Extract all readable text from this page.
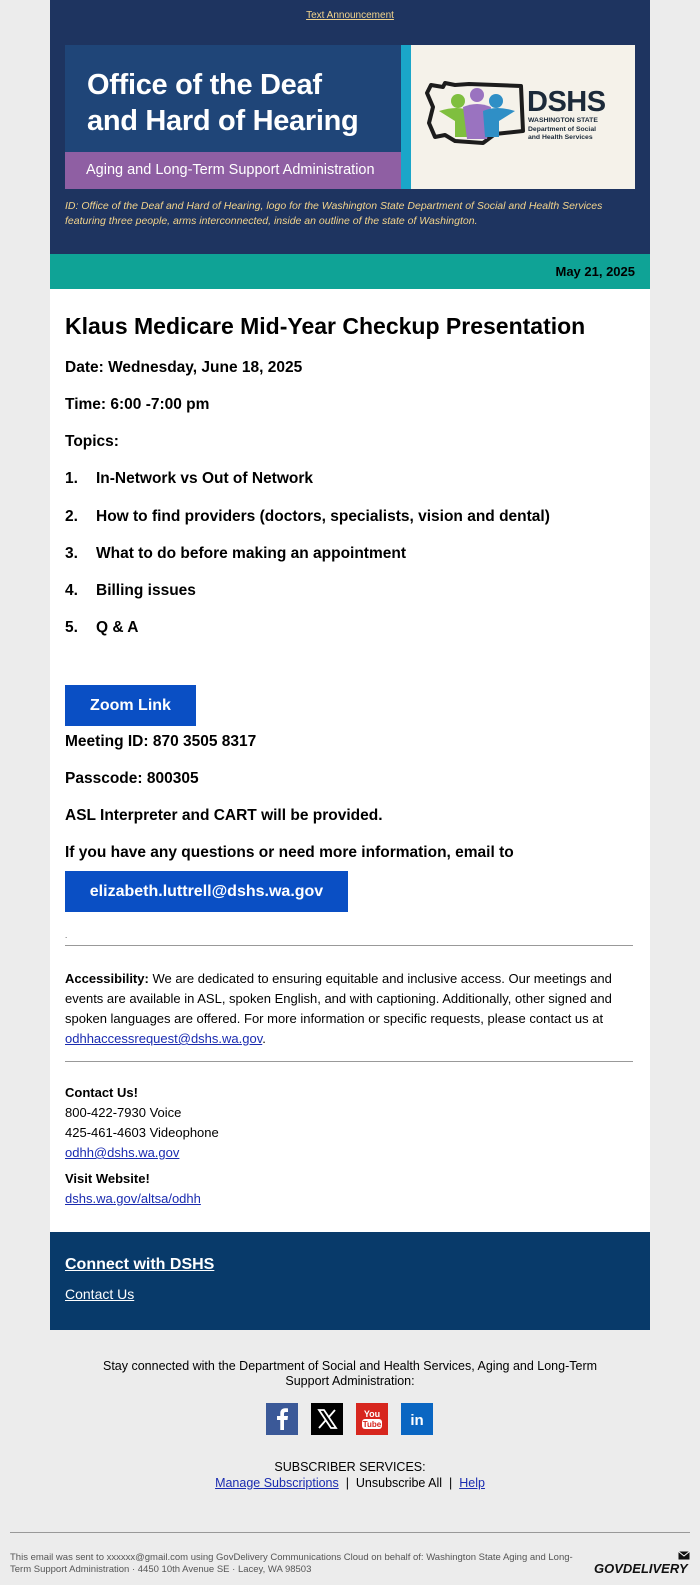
Text Announcement
Office of the Deaf
and Hard of Hearing
Aging and Long-Term Support Administration
DSHS
WASHINGTON STATE
Department of Social
and Health Services
ID: Office of the Deaf and Hard of Hearing, logo for the Washington State Department of Social and Health Services featuring three people, arms interconnected, inside an outline of the state of Washington.
May 21, 2025
Klaus Medicare Mid-Year Checkup Presentation
Date: Wednesday, June 18, 2025
Time: 6:00 -7:00 pm
Topics:
1. In-Network vs Out of Network
2. How to find providers (doctors, specialists, vision and dental)
3. What to do before making an appointment
4. Billing issues
5. Q & A
Zoom Link
Meeting ID: 870 3505 8317
Passcode: 800305
ASL Interpreter and CART will be provided.
If you have any questions or need more information, email to
elizabeth.luttrell@dshs.wa.gov
.
Accessibility: We are dedicated to ensuring equitable and inclusive access. Our meetings and events are available in ASL, spoken English, and with captioning. Additionally, other signed and spoken languages are offered. For more information or specific requests, please contact us at odhhaccessrequest@dshs.wa.gov.
Contact Us!
800-422-7930 Voice
425-461-4603 Videophone
odhh@dshs.wa.gov
Visit Website!
dshs.wa.gov/altsa/odhh
Connect with DSHS
Contact Us
Stay connected with the Department of Social and Health Services, Aging and Long-Term Support Administration:
You
Tube in
SUBSCRIBER SERVICES:
Manage Subscriptions | Unsubscribe All | Help
This email was sent to xxxxxx@gmail.com using GovDelivery Communications Cloud on behalf of: Washington State Aging and Long-Term Support Administration · 4450 10th Avenue SE · Lacey, WA 98503	GOVDELIVERY
